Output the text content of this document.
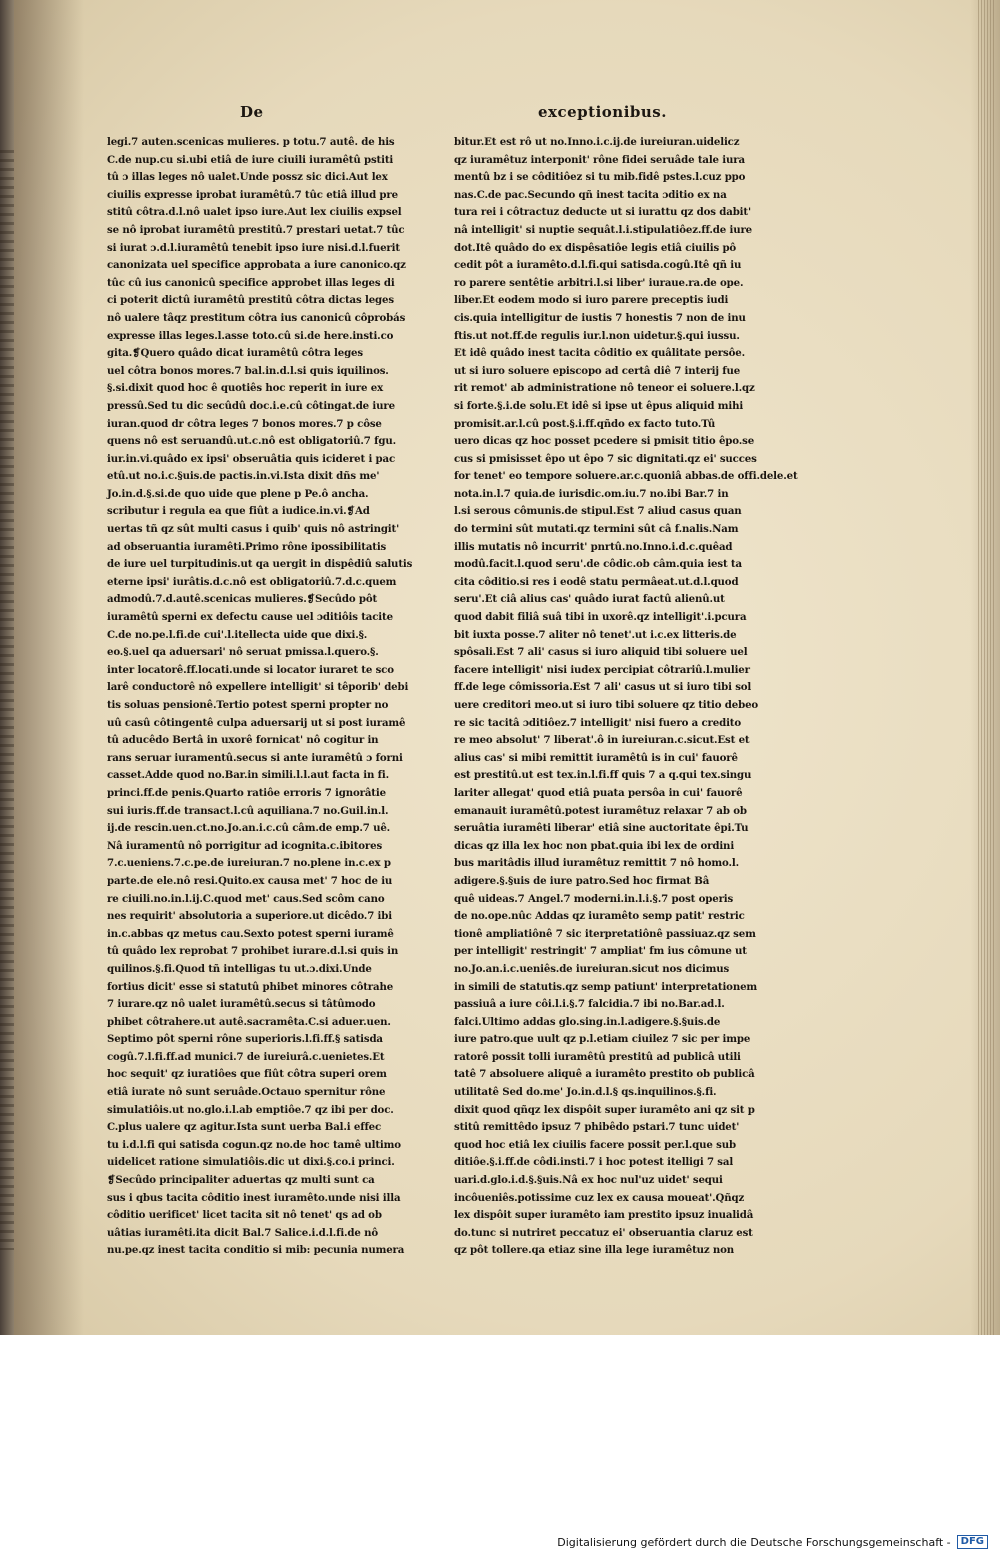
De	exceptionibus.
legi.7 auten.scenicas mulieres. p totu.7 autê. de his
C.de nup.cu si.ubi etiâ de iure ciuili iuramêtû pstiti
tû ɔ illas leges nô ualet.Unde possz sic dici.Aut lex
ciuilis expresse iprobat iuramêtû.7 tûc etiâ illud pre
stitû côtra.d.l.nô ualet ipso iure.Aut lex ciuilis expsel
se nô iprobat iuramêtû prestitû.7 prestari uetat.7 tûc
si iurat ɔ.d.l.iuramêtû tenebit ipso iure nisi.d.l.fuerit
canonizata uel specifice approbata a iure canonico.qz
tûc cû ius canonicû specifice approbet illas leges di
ci poterit dictû iuramêtû prestitû côtra dictas leges
nô ualere tâqz prestitum côtra ius canonicû côprobás
expresse illas leges.l.asse toto.cû si.de here.insti.co
gita.❡Quero quâdo dicat iuramêtû côtra leges
uel côtra bonos mores.7 bal.in.d.l.si quis iquilinos.
§.si.dixit quod hoc ê quotiês hoc reperit in iure ex
pressû.Sed tu dic secûdû doc.i.e.cû côtingat.de iure
iuran.quod dr côtra leges 7 bonos mores.7 p côse
quens nô est seruandû.ut.c.nô est obligatoriû.7 fgu.
iur.in.vi.quâdo ex ipsi' obseruâtia quis icideret i pac
etû.ut no.i.c.§uis.de pactis.in.vi.Ista dixit dñs me'
Jo.in.d.§.si.de quo uide que plene p Pe.ô ancha.
scributur i regula ea que fiût a iudice.in.vi.❡Ad
uertas tñ qz sût multi casus i quib' quis nô astringit'
ad obseruantia iuramêti.Primo rône ipossibilitatis
de iure uel turpitudinis.ut qa uergit in dispêdiû salutis
eterne ipsi' iurâtis.d.c.nô est obligatoriû.7.d.c.quem
admodû.7.d.autê.scenicas mulieres.❡Secûdo pôt
iuramêtû sperni ex defectu cause uel ɔditiôis tacite
C.de no.pe.l.fi.de cui'.l.itellecta uide que dixi.§.
eo.§.uel qa aduersari' nô seruat pmissa.l.quero.§.
inter locatorê.ff.locati.unde si locator iuraret te sco
larê conductorê nô expellere intelligit' si têporib' debi
tis soluas pensionê.Tertio potest sperni propter no
uû casû côtingentê culpa aduersarij ut si post iuramê
tû aducêdo Bertâ in uxorê fornicat' nô cogitur in
rans seruar iuramentû.secus si ante iuramêtû ɔ forni
casset.Adde quod no.Bar.in simili.l.l.aut facta in fi.
princi.ff.de penis.Quarto ratiôe erroris 7 ignorâtie
sui iuris.ff.de transact.l.cû aquiliana.7 no.Guil.in.l.
ij.de rescin.uen.ct.no.Jo.an.i.c.cû câm.de emp.7 uê.
Nâ iuramentû nô porrigitur ad icognita.c.ibitores
7.c.ueniens.7.c.pe.de iureiuran.7 no.plene in.c.ex p
parte.de ele.nô resi.Quito.ex causa met' 7 hoc de iu
re ciuili.no.in.l.ij.C.quod met' caus.Sed scôm cano
nes requirit' absolutoria a superiore.ut dicêdo.7 ibi
in.c.abbas qz metus cau.Sexto potest sperni iuramê
tû quâdo lex reprobat 7 prohibet iurare.d.l.si quis in
quilinos.§.fi.Quod tñ intelligas tu ut.ɔ.dixi.Unde
fortius dicit' esse si statutû phibet minores côtrahe
7 iurare.qz nô ualet iuramêtû.secus si tâtûmodo
phibet côtrahere.ut autê.sacramêta.C.si aduer.uen.
Septimo pôt sperni rône superioris.l.fi.ff.§ satisda
cogû.7.l.fi.ff.ad munici.7 de iureiurâ.c.uenietes.Et
hoc sequit' qz iuratiôes que fiût côtra superi orem
etiâ iurate nô sunt seruâde.Octauo spernitur rône
simulatiôis.ut no.glo.i.l.ab emptiôe.7 qz ibi per doc.
C.plus ualere qz agitur.Ista sunt uerba Bal.i effec
tu i.d.l.fi qui satisda cogun.qz no.de hoc tamê ultimo
uidelicet ratione simulatiôis.dic ut dixi.§.co.i princi.
❡Secûdo principaliter aduertas qz multi sunt ca
sus i qbus tacita côditio inest iuramêto.unde nisi illa
côditio uerificet' licet tacita sit nô tenet' qs ad ob
uâtias iuramêti.ita dicit Bal.7 Salice.i.d.l.fi.de nô
nu.pe.qz inest tacita conditio si mib: pecunia numera
bitur.Et est rô ut no.Inno.i.c.ij.de iureiuran.uidelicz
qz iuramêtuz interponit' rône fidei seruâde tale iura
mentû bz i se côditiôez si tu mib.fidê pstes.l.cuz ppo
nas.C.de pac.Secundo qñ inest tacita ɔditio ex na
tura rei i côtractuz deducte ut si iurattu qz dos dabit'
nâ intelligit' si nuptie sequât.l.i.stipulatiôez.ff.de iure
dot.Itê quâdo do ex dispêsatiôe legis etiâ ciuilis pô
cedit pôt a iuramêto.d.l.fi.qui satisda.cogû.Itê qñ iu
ro parere sentêtie arbitri.l.si liber' iuraue.ra.de ope.
liber.Et eodem modo si iuro parere preceptis iudi
cis.quia intelligitur de iustis 7 honestis 7 non de inu
ftis.ut not.ff.de regulis iur.l.non uidetur.§.qui iussu.
Et idê quâdo inest tacita côditio ex quâlitate persôe.
ut si iuro soluere episcopo ad certâ diê 7 interij fue
rit remot' ab administratione nô teneor ei soluere.l.qz
si forte.§.i.de solu.Et idê si ipse ut êpus aliquid mihi
promisit.ar.l.cû post.§.i.ff.qñdo ex facto tuto.Tû
uero dicas qz hoc posset pcedere si pmisit titio êpo.se
cus si pmisisset êpo ut êpo 7 sic dignitati.qz ei' succes
for tenet' eo tempore soluere.ar.c.quoniâ abbas.de offi.dele.et
nota.in.l.7 quia.de iurisdic.om.iu.7 no.ibi Bar.7 in
l.si serous cômunis.de stipul.Est 7 aliud casus quan
do termini sût mutati.qz termini sût câ f.nalis.Nam
illis mutatis nô incurrit' pnrtû.no.Inno.i.d.c.quêad
modû.facit.l.quod seru'.de côdic.ob câm.quia iest ta
cita côditio.si res i eodê statu permâeat.ut.d.l.quod
seru'.Et ciâ alius cas' quâdo iurat factû alienû.ut
quod dabit filiâ suâ tibi in uxorê.qz intelligit'.i.pcura
bit iuxta posse.7 aliter nô tenet'.ut i.c.ex litteris.de
spôsali.Est 7 ali' casus si iuro aliquid tibi soluere uel
facere intelligit' nisi iudex percipiat côtrariû.l.mulier
ff.de lege cômissoria.Est 7 ali' casus ut si iuro tibi sol
uere creditori meo.ut si iuro tibi soluere qz titio debeo
re sic tacitâ ɔditiôez.7 intelligit' nisi fuero a credito
re meo absolut' 7 liberat'.ô in iureiuran.c.sicut.Est et
alius cas' si mibi remittit iuramêtû is in cui' fauorê
est prestitû.ut est tex.in.l.fi.ff quis 7 a q.qui tex.singu
lariter allegat' quod etiâ puata persôa in cui' fauorê
emanauit iuramêtû.potest iuramêtuz relaxar 7 ab ob
seruâtia iuramêti liberar' etiâ sine auctoritate êpi.Tu
dicas qz illa lex hoc non pbat.quia ibi lex de ordini
bus maritâdis illud iuramêtuz remittit 7 nô homo.l.
adigere.§.§uis de iure patro.Sed hoc firmat Bâ
quê uideas.7 Angel.7 moderni.in.l.i.§.7 post operis
de no.ope.nûc Addas qz iuramêto semp patit' restric
tionê ampliatiônê 7 sic iterpretatiônê passiuaz.qz sem
per intelligit' restringit' 7 ampliat' fm ius cômune ut
no.Jo.an.i.c.ueniês.de iureiuran.sicut nos dicimus
in simili de statutis.qz semp patiunt' interpretationem
passiuâ a iure côi.l.i.§.7 falcidia.7 ibi no.Bar.ad.l.
falci.Ultimo addas glo.sing.in.l.adigere.§.§uis.de
iure patro.que uult qz p.l.etiam ciuilez 7 sic per impe
ratorê possit tolli iuramêtû prestitû ad publicâ utili
tatê 7 absoluere aliquê a iuramêto prestito ob publicâ
utilitatê Sed do.me' Jo.in.d.l.§ qs.inquilinos.§.fi.
dixit quod qñqz lex dispôit super iuramêto ani qz sit p
stitû remittêdo ipsuz 7 phibêdo pstari.7 tunc uidet'
quod hoc etiâ lex ciuilis facere possit per.l.que sub
ditiôe.§.i.ff.de côdi.insti.7 i hoc potest itelligi 7 sal
uari.d.glo.i.d.§.§uis.Nâ ex hoc nul'uz uidet' sequi
incôueniês.potissime cuz lex ex causa moueat'.Qñqz
lex dispôit super iuramêto iam prestito ipsuz inualidâ
do.tunc si nutriret peccatuz ei' obseruantia claruz est
qz pôt tollere.qa etiaz sine illa lege iuramêtuz non
Digitalisierung gefördert durch die Deutsche Forschungsgemeinschaft -	DFG
